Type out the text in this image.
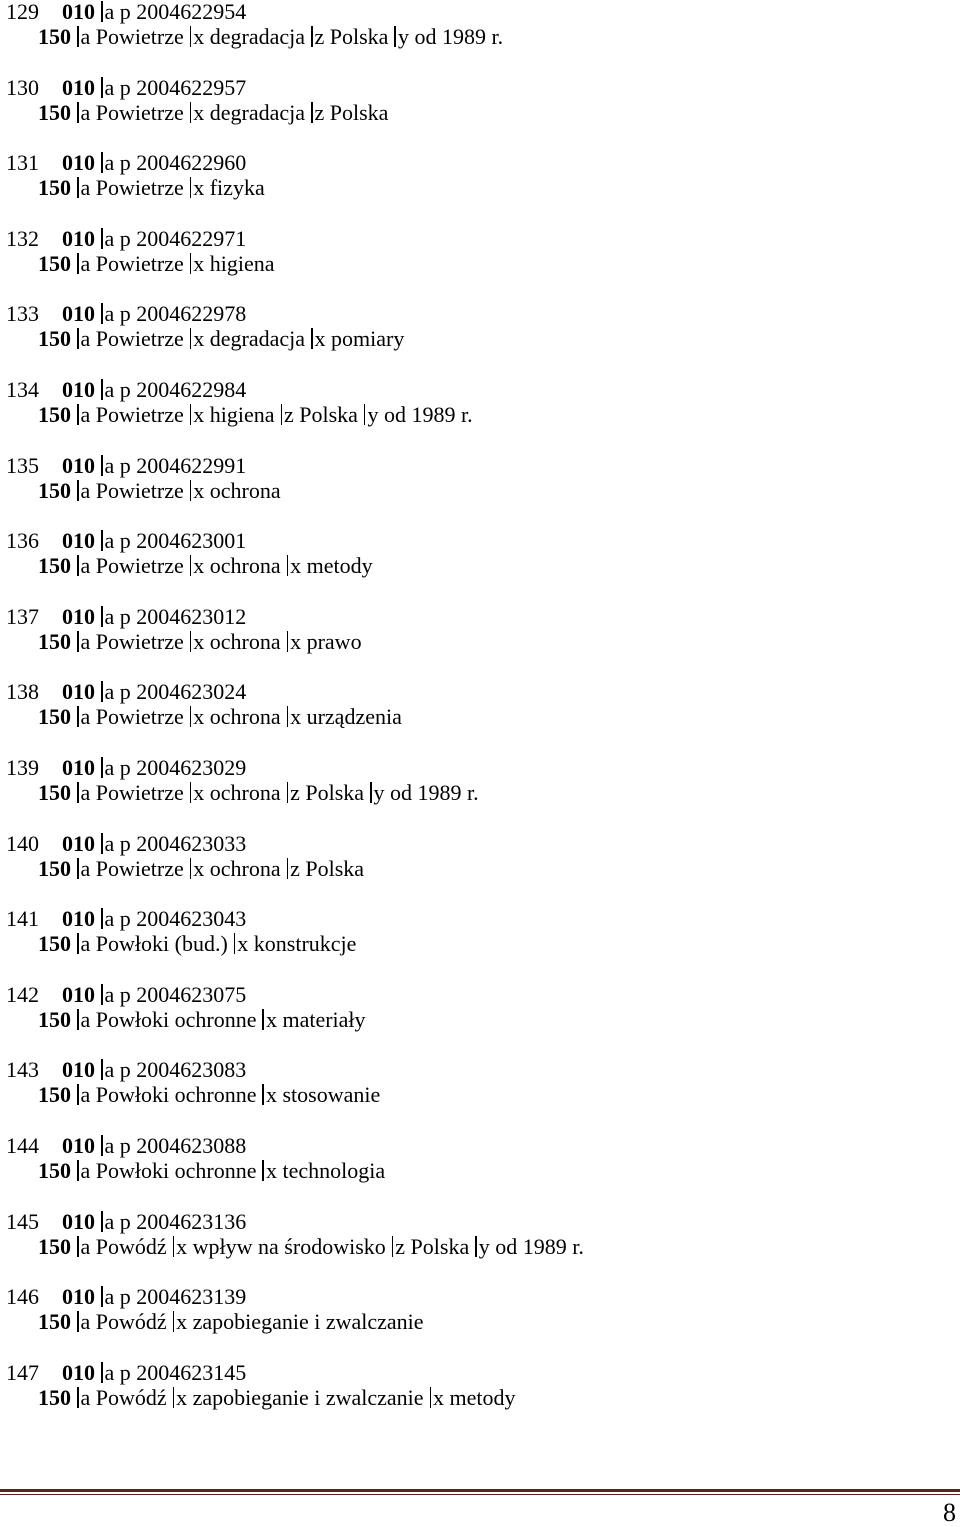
129 010 a p 2004622954
150 a Powietrze x degradacja z Polska y od 1989 r.
130 010 a p 2004622957
150 a Powietrze x degradacja z Polska
131 010 a p 2004622960
150 a Powietrze x fizyka
132 010 a p 2004622971
150 a Powietrze x higiena
133 010 a p 2004622978
150 a Powietrze x degradacja x pomiary
134 010 a p 2004622984
150 a Powietrze x higiena z Polska y od 1989 r.
135 010 a p 2004622991
150 a Powietrze x ochrona
136 010 a p 2004623001
150 a Powietrze x ochrona x metody
137 010 a p 2004623012
150 a Powietrze x ochrona x prawo
138 010 a p 2004623024
150 a Powietrze x ochrona x urządzenia
139 010 a p 2004623029
150 a Powietrze x ochrona z Polska y od 1989 r.
140 010 a p 2004623033
150 a Powietrze x ochrona z Polska
141 010 a p 2004623043
150 a Powłoki (bud.) x konstrukcje
142 010 a p 2004623075
150 a Powłoki ochronne x materiały
143 010 a p 2004623083
150 a Powłoki ochronne x stosowanie
144 010 a p 2004623088
150 a Powłoki ochronne x technologia
145 010 a p 2004623136
150 a Powódź x wpływ na środowisko z Polska y od 1989 r.
146 010 a p 2004623139
150 a Powódź x zapobieganie i zwalczanie
147 010 a p 2004623145
150 a Powódź x zapobieganie i zwalczanie x metody
8
